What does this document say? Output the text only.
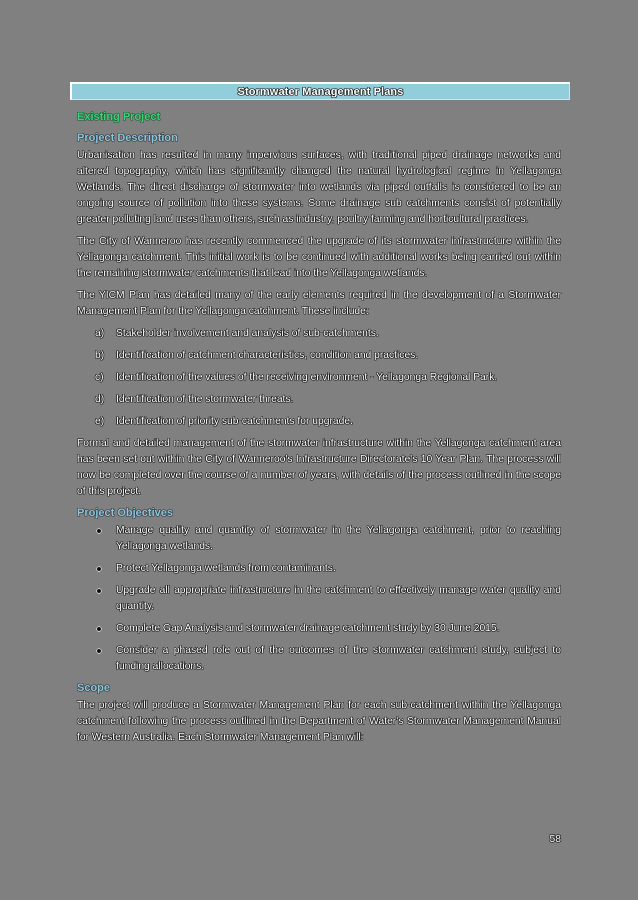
Stormwater Management Plans
Existing Project
Project Description

Urbanisation has resulted in many impervious surfaces, with traditional piped drainage networks and altered topography, which has significantly changed the natural hydrological regime in Yellagonga Wetlands. The direct discharge of stormwater into wetlands via piped outfalls is considered to be an ongoing source of pollution into these systems. Some drainage sub catchments consist of potentially greater polluting land uses than others, such as industry, poultry farming and horticultural practices.

The City of Wanneroo has recently commenced the upgrade of its stormwater infrastructure within the Yellagonga catchment. This initial work is to be continued with additional works being carried out within the remaining stormwater catchments that lead into the Yellagonga wetlands.

The YICM Plan has detailed many of the early elements required in the development of a Stormwater Management Plan for the Yellagonga catchment. These include:

a)	Stakeholder involvement and analysis of sub-catchments.
b)	Identification of catchment characteristics, condition and practices.
c)	Identification of the values of the receiving environment - Yellagonga Regional Park.
d)	Identification of the stormwater threats.
e)	Identification of priority sub-catchments for upgrade.

Formal and detailed management of the stormwater infrastructure within the Yellagonga catchment area has been set out within the City of Wanneroo's Infrastructure Directorate's 10 Year Plan. The process will now be completed over the course of a number of years, with details of the process outlined in the scope of this project.

Project Objectives
Manage quality and quantity of stormwater in the Yellagonga catchment, prior to reaching Yellagonga wetlands.
Protect Yellagonga wetlands from contaminants.
Upgrade all appropriate infrastructure in the catchment to effectively manage water quality and quantity.
Complete Gap Analysis and stormwater drainage catchment study by 30 June 2015.
Consider a phased role out of the outcomes of the stormwater catchment study, subject to funding allocations.
Scope

The project will produce a Stormwater Management Plan for each sub-catchment within the Yellagonga catchment following the process outlined in the Department of Water's Stormwater Management Manual for Western Australia. Each Stormwater Management Plan will:

58
